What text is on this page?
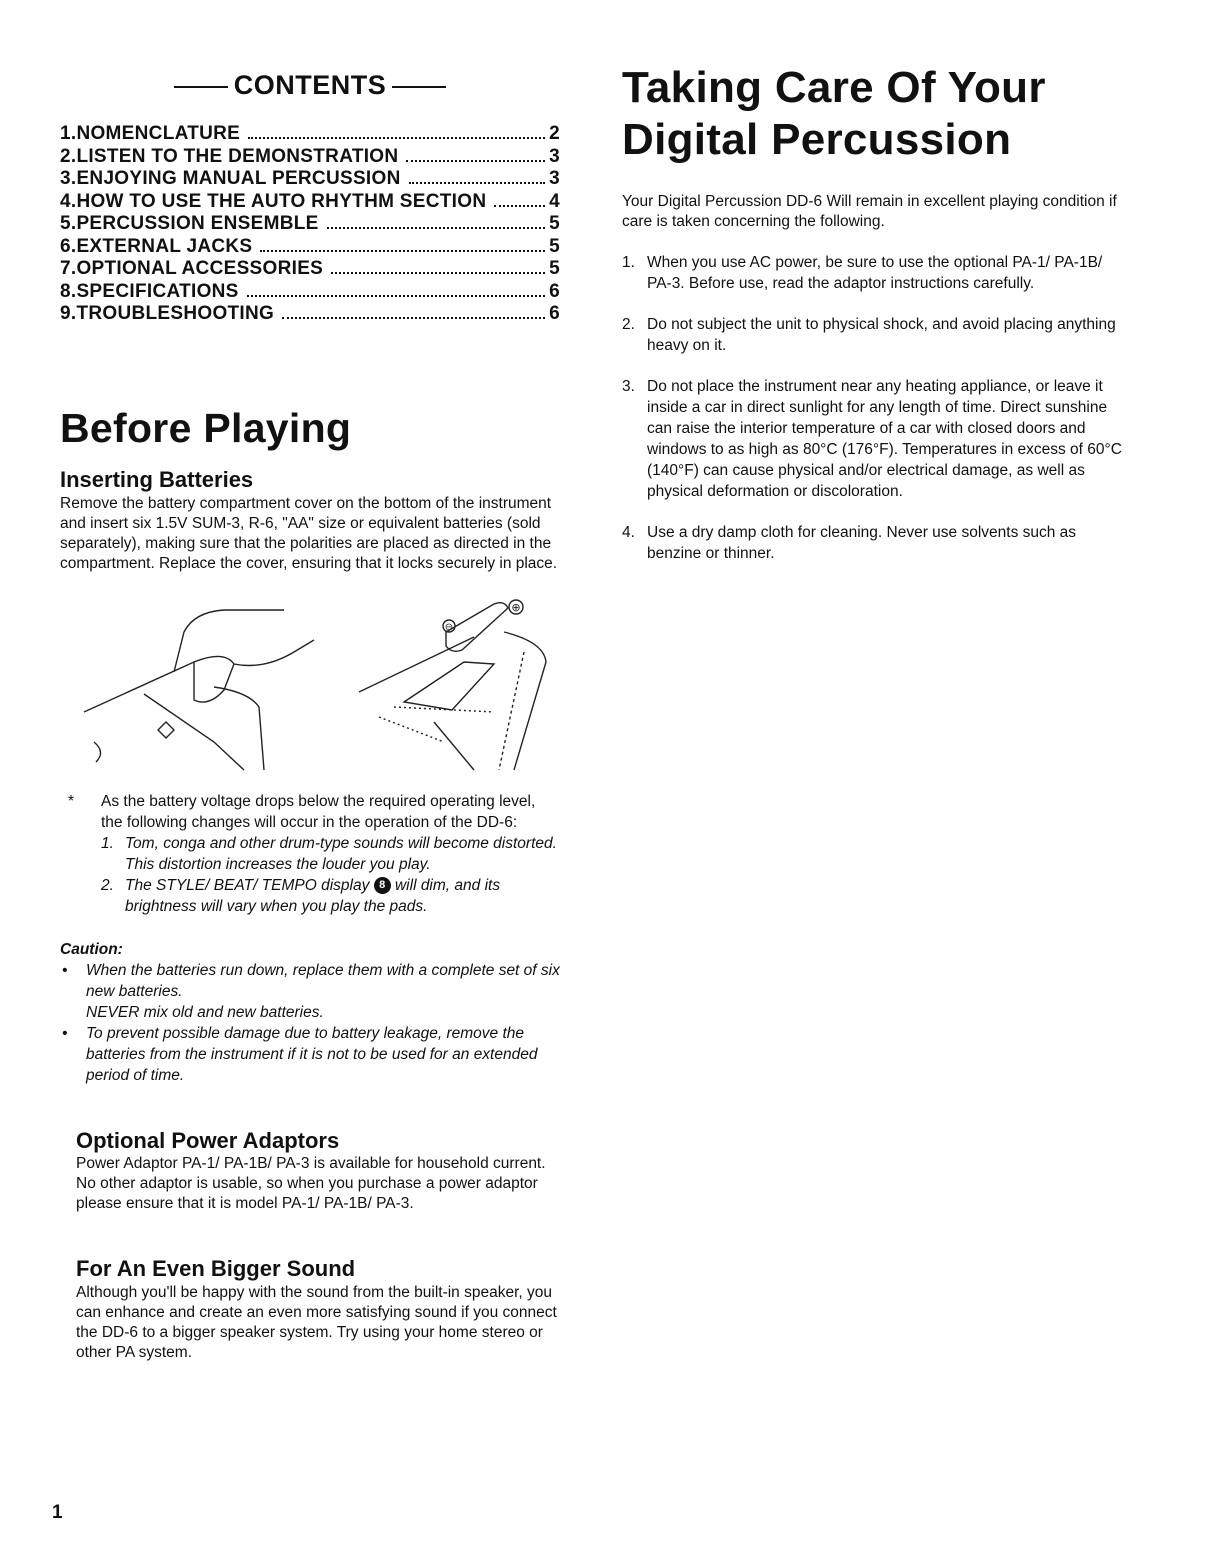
CONTENTS
1.NOMENCLATURE	2
2.LISTEN TO THE DEMONSTRATION	3
3.ENJOYING MANUAL PERCUSSION	3
4.HOW TO USE THE AUTO RHYTHM SECTION	4
5.PERCUSSION ENSEMBLE	5
6.EXTERNAL JACKS	5
7.OPTIONAL ACCESSORIES	5
8.SPECIFICATIONS	6
9.TROUBLESHOOTING	6
Before Playing
Inserting Batteries

Remove the battery compartment cover on the bottom of the instrument and insert six 1.5V SUM-3, R-6, "AA" size or equivalent batteries (sold separately), making sure that the polarities are placed as directed in the compartment. Replace the cover, ensuring that it locks securely in place.

⊕
⊖
*	As the battery voltage drops below the required operating level, the following changes will occur in the operation of the DD-6:
1. Tom, conga and other drum-type sounds will become distorted. This distortion increases the louder you play.
2. The STYLE/ BEAT/ TEMPO display 8 will dim, and its brightness will vary when you play the pads.
Caution:
•	When the batteries run down, replace them with a complete set of six new batteries.
NEVER mix old and new batteries.
•	To prevent possible damage due to battery leakage, remove the batteries from the instrument if it is not to be used for an extended period of time.
Optional Power Adaptors

Power Adaptor PA-1/ PA-1B/ PA-3 is available for household current. No other adaptor is usable, so when you purchase a power adaptor please ensure that it is model PA-1/ PA-1B/ PA-3.

For An Even Bigger Sound

Although you'll be happy with the sound from the built-in speaker, you can enhance and create an even more satisfying sound if you connect the DD-6 to a bigger speaker system. Try using your home stereo or other PA system.

Taking Care Of Your
Digital Percussion

Your Digital Percussion DD-6 Will remain in excellent playing condition if care is taken concerning the following.

1. When you use AC power, be sure to use the optional PA-1/ PA-1B/ PA-3. Before use, read the adaptor instructions carefully.
2. Do not subject the unit to physical shock, and avoid placing anything heavy on it.
3. Do not place the instrument near any heating appliance, or leave it inside a car in direct sunlight for any length of time. Direct sunshine can raise the interior temperature of a car with closed doors and windows to as high as 80°C (176°F). Temperatures in excess of 60°C (140°F) can cause physical and/or electrical damage, as well as physical deformation or discoloration.
4. Use a dry damp cloth for cleaning. Never use solvents such as benzine or thinner.
1
